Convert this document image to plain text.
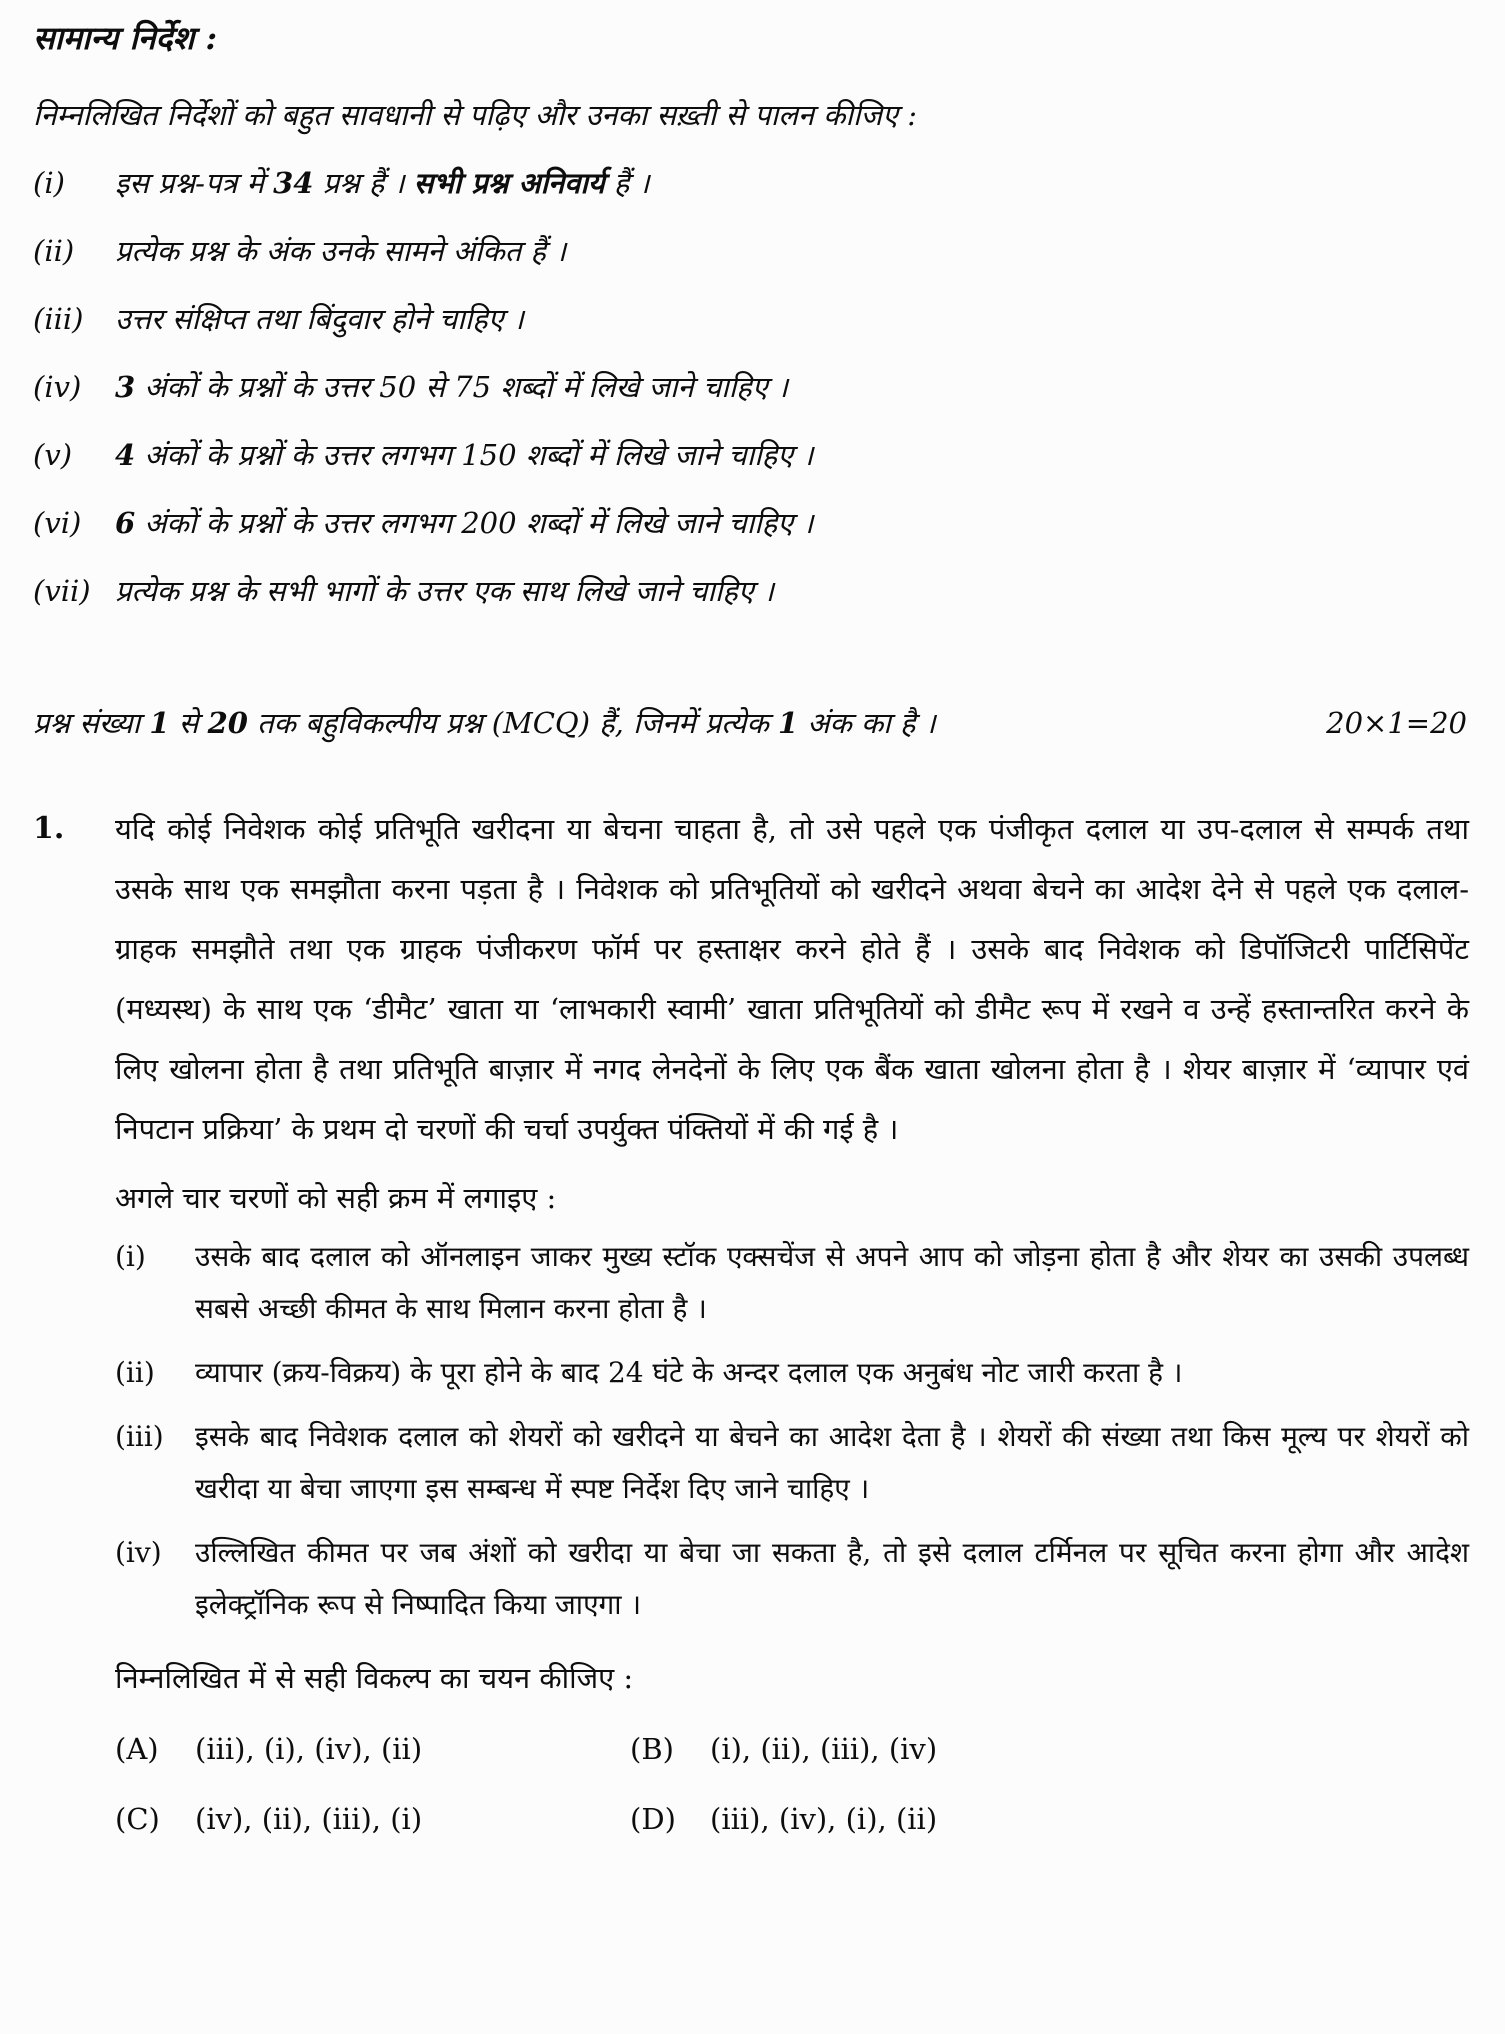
सामान्य निर्देश :
निम्नलिखित निर्देशों को बहुत सावधानी से पढ़िए और उनका सख़्ती से पालन कीजिए :
(i)	इस प्रश्न-पत्र में 34 प्रश्न हैं । सभी प्रश्न अनिवार्य हैं ।
(ii)	प्रत्येक प्रश्न के अंक उनके सामने अंकित हैं ।
(iii)	उत्तर संक्षिप्त तथा बिंदुवार होने चाहिए ।
(iv)	3 अंकों के प्रश्नों के उत्तर 50 से 75 शब्दों में लिखे जाने चाहिए ।
(v)	4 अंकों के प्रश्नों के उत्तर लगभग 150 शब्दों में लिखे जाने चाहिए ।
(vi)	6 अंकों के प्रश्नों के उत्तर लगभग 200 शब्दों में लिखे जाने चाहिए ।
(vii) प्रत्येक प्रश्न के सभी भागों के उत्तर एक साथ लिखे जाने चाहिए ।
प्रश्न संख्या 1 से 20 तक बहुविकल्पीय प्रश्न (MCQ) हैं, जिनमें प्रत्येक 1 अंक का है ।	20×1=20
1.	यदि कोई निवेशक कोई प्रतिभूति खरीदना या बेचना चाहता है, तो उसे पहले एक पंजीकृत दलाल या उप-दलाल से सम्पर्क तथा उसके साथ एक समझौता करना पड़ता है । निवेशक को प्रतिभूतियों को खरीदने अथवा बेचने का आदेश देने से पहले एक दलाल-ग्राहक समझौते तथा एक ग्राहक पंजीकरण फॉर्म पर हस्ताक्षर करने होते हैं । उसके बाद निवेशक को डिपॉजिटरी पार्टिसिपेंट (मध्यस्थ) के साथ एक ‘डीमैट’ खाता या ‘लाभकारी स्वामी’ खाता प्रतिभूतियों को डीमैट रूप में रखने व उन्हें हस्तान्तरित करने के लिए खोलना होता है तथा प्रतिभूति बाज़ार में नगद लेनदेनों के लिए एक बैंक खाता खोलना होता है । शेयर बाज़ार में ‘व्यापार एवं निपटान प्रक्रिया’ के प्रथम दो चरणों की चर्चा उपर्युक्त पंक्तियों में की गई है ।
अगले चार चरणों को सही क्रम में लगाइए :
(i)	उसके बाद दलाल को ऑनलाइन जाकर मुख्य स्टॉक एक्सचेंज से अपने आप को जोड़ना होता है और शेयर का उसकी उपलब्ध सबसे अच्छी कीमत के साथ मिलान करना होता है ।
(ii)	व्यापार (क्रय-विक्रय) के पूरा होने के बाद 24 घंटे के अन्दर दलाल एक अनुबंध नोट जारी करता है ।
(iii)	इसके बाद निवेशक दलाल को शेयरों को खरीदने या बेचने का आदेश देता है । शेयरों की संख्या तथा किस मूल्य पर शेयरों को खरीदा या बेचा जाएगा इस सम्बन्ध में स्पष्ट निर्देश दिए जाने चाहिए ।
(iv)	उल्लिखित कीमत पर जब अंशों को खरीदा या बेचा जा सकता है, तो इसे दलाल टर्मिनल पर सूचित करना होगा और आदेश इलेक्ट्रॉनिक रूप से निष्पादित किया जाएगा ।
निम्नलिखित में से सही विकल्प का चयन कीजिए :
(A)	(iii), (i), (iv), (ii)	(B)	(i), (ii), (iii), (iv)
(C)	(iv), (ii), (iii), (i)	(D)	(iii), (iv), (i), (ii)
